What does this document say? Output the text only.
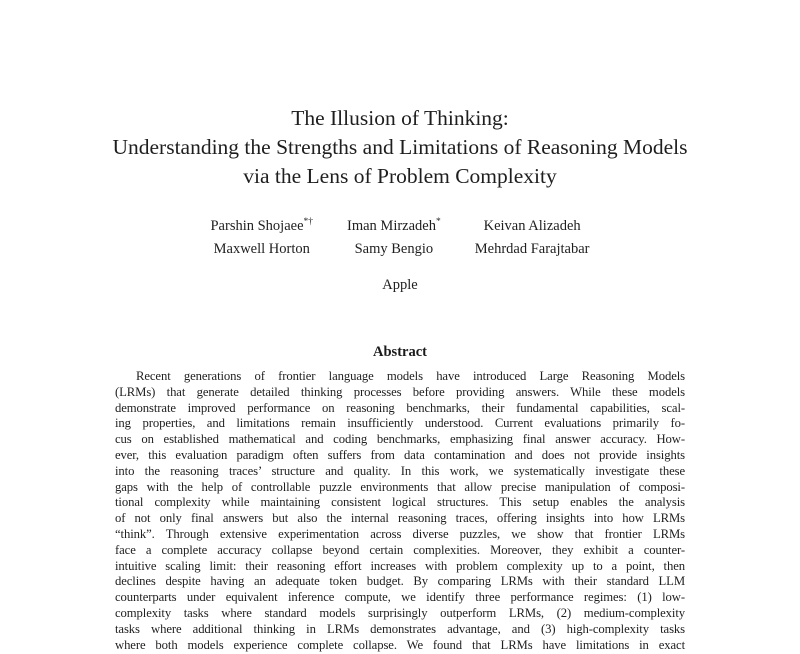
The Illusion of Thinking:
Understanding the Strengths and Limitations of Reasoning Models
via the Lens of Problem Complexity
Parshin Shojaee*† Iman Mirzadeh*	Keivan Alizadeh
Maxwell Horton	Samy Bengio	Mehrdad Farajtabar
Apple
Abstract
Recent generations of frontier language models have introduced Large Reasoning Models
(LRMs) that generate detailed thinking processes before providing answers. While these models
demonstrate improved performance on reasoning benchmarks, their fundamental capabilities, scal-
ing properties, and limitations remain insufficiently understood. Current evaluations primarily fo-
cus on established mathematical and coding benchmarks, emphasizing final answer accuracy. How-
ever, this evaluation paradigm often suffers from data contamination and does not provide insights
into the reasoning traces’ structure and quality. In this work, we systematically investigate these
gaps with the help of controllable puzzle environments that allow precise manipulation of composi-
tional complexity while maintaining consistent logical structures. This setup enables the analysis
of not only final answers but also the internal reasoning traces, offering insights into how LRMs
“think”. Through extensive experimentation across diverse puzzles, we show that frontier LRMs
face a complete accuracy collapse beyond certain complexities. Moreover, they exhibit a counter-
intuitive scaling limit: their reasoning effort increases with problem complexity up to a point, then
declines despite having an adequate token budget. By comparing LRMs with their standard LLM
counterparts under equivalent inference compute, we identify three performance regimes: (1) low-
complexity tasks where standard models surprisingly outperform LRMs, (2) medium-complexity
tasks where additional thinking in LRMs demonstrates advantage, and (3) high-complexity tasks
where both models experience complete collapse. We found that LRMs have limitations in exact
